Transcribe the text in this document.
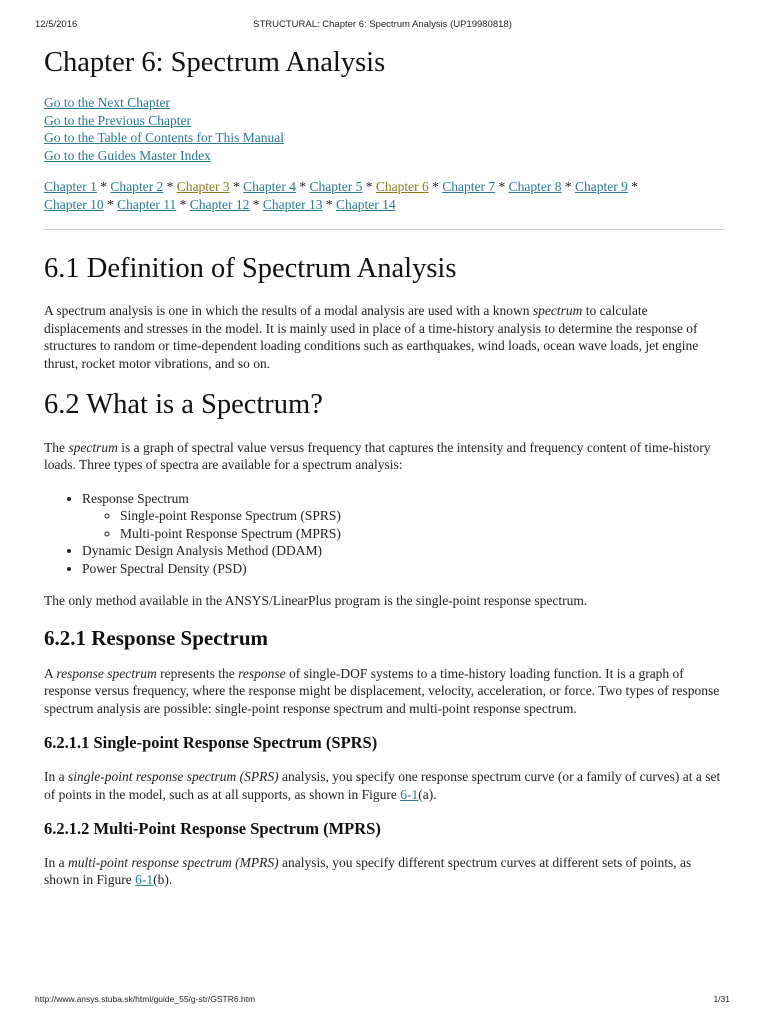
12/5/2016	STRUCTURAL: Chapter 6: Spectrum Analysis (UP19980818)
Chapter 6: Spectrum Analysis
Go to the Next Chapter
Go to the Previous Chapter
Go to the Table of Contents for This Manual
Go to the Guides Master Index
Chapter 1 * Chapter 2 * Chapter 3 * Chapter 4 * Chapter 5 * Chapter 6 * Chapter 7 * Chapter 8 * Chapter 9 *
Chapter 10 * Chapter 11 * Chapter 12 * Chapter 13 * Chapter 14
6.1 Definition of Spectrum Analysis

A spectrum analysis is one in which the results of a modal analysis are used with a known spectrum to calculate displacements and stresses in the model. It is mainly used in place of a time-history analysis to determine the response of structures to random or time-dependent loading conditions such as earthquakes, wind loads, ocean wave loads, jet engine thrust, rocket motor vibrations, and so on.

6.2 What is a Spectrum?

The spectrum is a graph of spectral value versus frequency that captures the intensity and frequency content of time-history loads. Three types of spectra are available for a spectrum analysis:

• Response Spectrum
◦ Single-point Response Spectrum (SPRS)
◦ Multi-point Response Spectrum (MPRS)
• Dynamic Design Analysis Method (DDAM)
• Power Spectral Density (PSD)

The only method available in the ANSYS/LinearPlus program is the single-point response spectrum.

6.2.1 Response Spectrum

A response spectrum represents the response of single-DOF systems to a time-history loading function. It is a graph of response versus frequency, where the response might be displacement, velocity, acceleration, or force. Two types of response spectrum analysis are possible: single-point response spectrum and multi-point response spectrum.

6.2.1.1 Single-point Response Spectrum (SPRS)

In a single-point response spectrum (SPRS) analysis, you specify one response spectrum curve (or a family of curves) at a set of points in the model, such as at all supports, as shown in Figure 6-1(a).

6.2.1.2 Multi-Point Response Spectrum (MPRS)

In a multi-point response spectrum (MPRS) analysis, you specify different spectrum curves at different sets of points, as shown in Figure 6-1(b).

http://www.ansys.stuba.sk/html/guide_55/g-str/GSTR6.htm	1/31
